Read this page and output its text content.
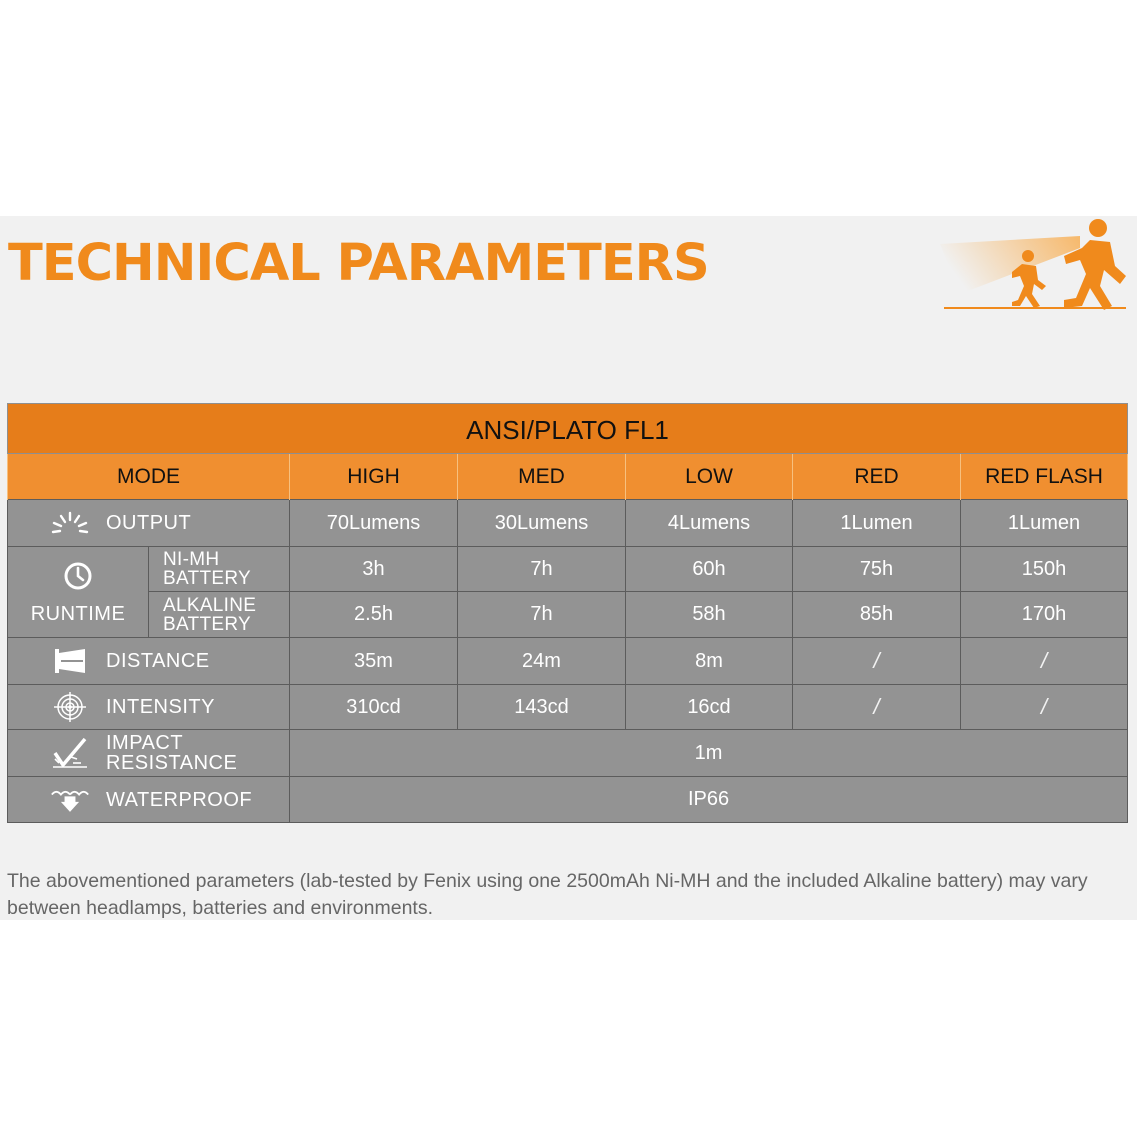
TECHNICAL PARAMETERS
ANSI/PLATO FL1						
MODE		HIGH	MED	LOW	RED	RED FLASH

OUTPUT		70Lumens	30Lumens	4Lumens	1Lumen	1Lumen

RUNTIME	NI-MH
BATTERY	3h	7h	60h	75h	150h

	ALKALINE
BATTERY	2.5h	7h	58h	85h	170h

DISTANCE		35m	24m	8m	/	/

INTENSITY		310cd	143cd	16cd	/	/

IMPACT
RESISTANCE		1m				

WATERPROOF		IP66				

The abovementioned parameters (lab-tested by Fenix using one 2500mAh Ni-MH and the included Alkaline battery) may vary between headlamps, batteries and environments.
